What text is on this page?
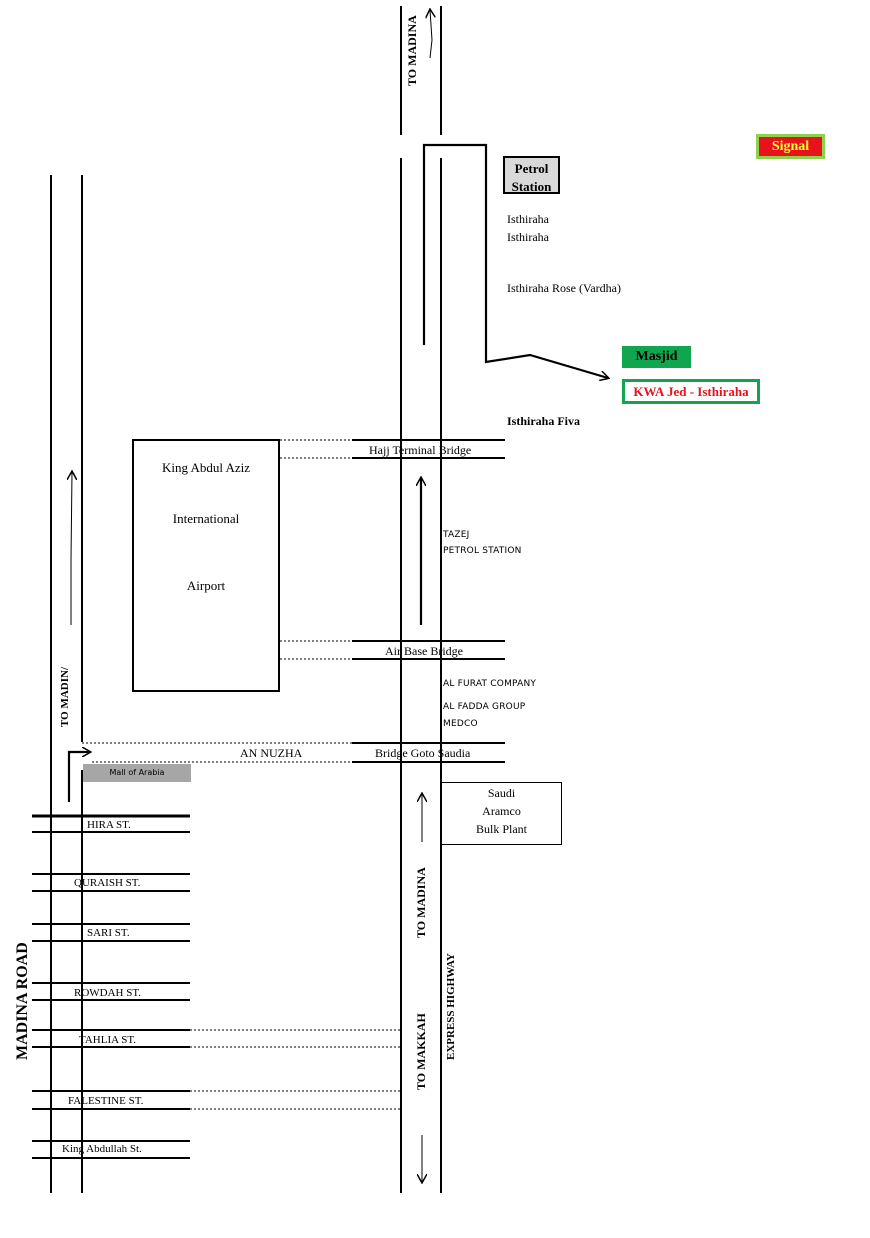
TO MADINA
Petrol
Station
Signal
Isthiraha
Isthiraha
Isthiraha Rose (Vardha)
Masjid
KWA Jed - Isthiraha
Isthiraha Fiva
King Abdul Aziz
International
Airport
Hajj Terminal Bridge
Air Base Bridge
Bridge Goto Saudia
TAZEJ
PETROL STATION
AL FURAT COMPANY
AL FADDA GROUP
MEDCO
AN NUZHA
TO MADIN/
Mall of Arabia
Saudi
Aramco
Bulk Plant
HIRA ST.
QURAISH ST.
SARI ST.
ROWDAH ST.
TAHLIA ST.
FALESTINE ST.
King Abdullah St.
MADINA ROAD
TO MADINA
TO MAKKAH EXPRESS HIGHWAY
